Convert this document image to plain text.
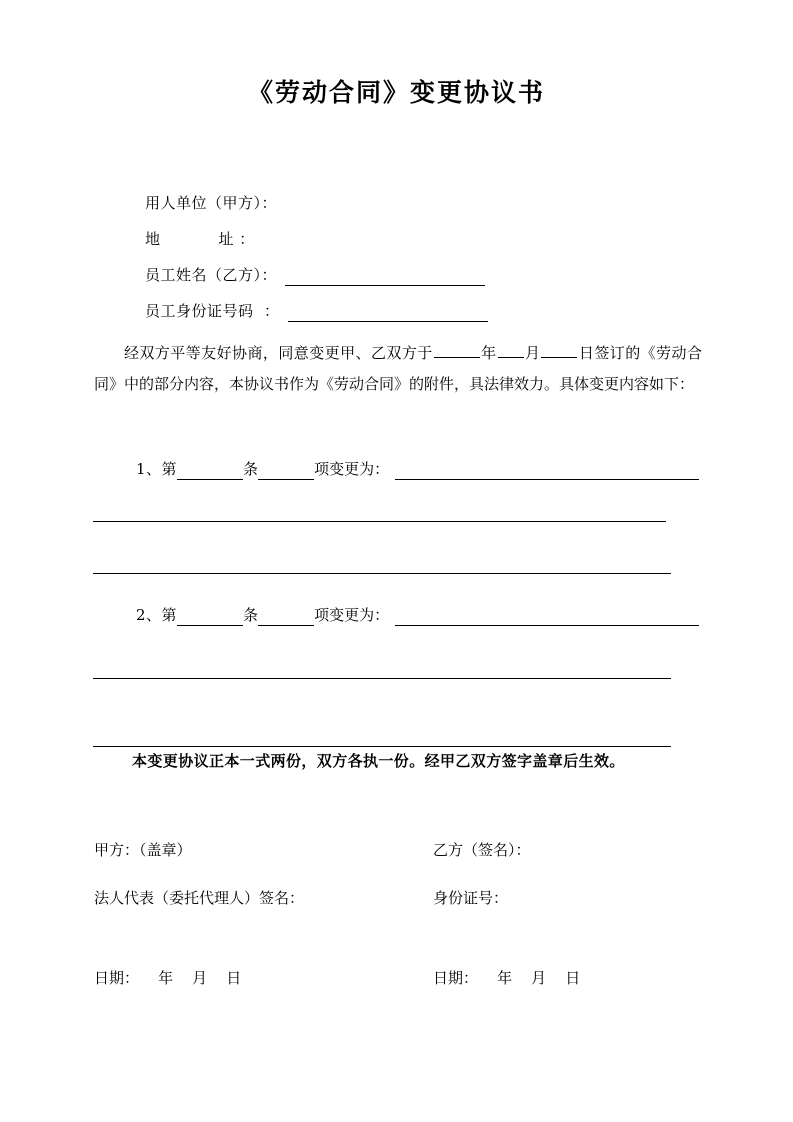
《劳动合同》变更协议书
用人单位（甲方）：
地           址 ：
员工姓名（乙方）：
员工身份证号码  ：
经双方平等友好协商，同意变更甲、乙双方于	年 月	日签订的《劳动合同》中的部分内容，本协议书作为《劳动合同》的附件，具法律效力。具体变更内容如下：
1、第	条	项变更为：
2、第	条	项变更为：
本变更协议正本一式两份，双方各执一份。经甲乙双方签字盖章后生效。
甲方：（盖章）	乙方（签名）：
法人代表（委托代理人）签名：	身份证号：
日期：    年    月    日	日期：    年    月    日
